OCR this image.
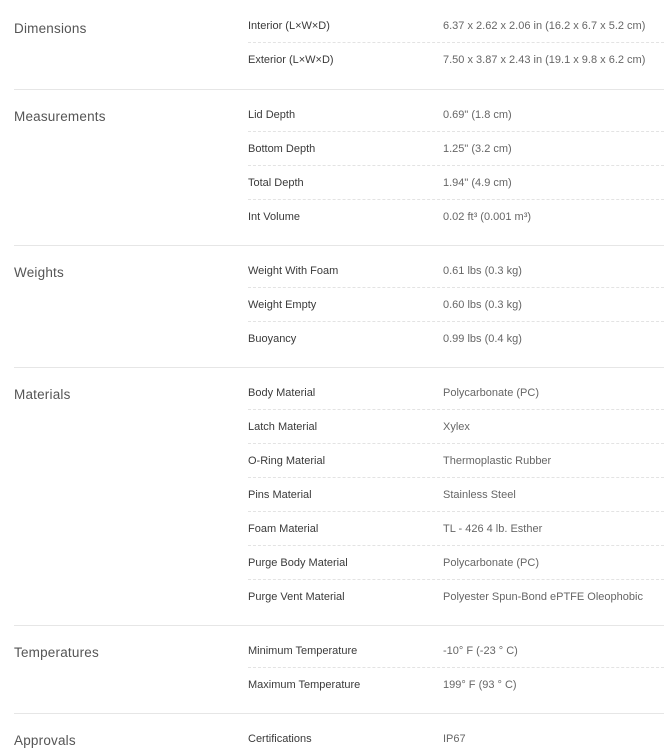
Dimensions	Interior (L×W×D)	6.37 x 2.62 x 2.06 in (16.2 x 6.7 x 5.2 cm)
Exterior (L×W×D)	7.50 x 3.87 x 2.43 in (19.1 x 9.8 x 6.2 cm)
Measurements	Lid Depth	0.69" (1.8 cm)
Bottom Depth	1.25" (3.2 cm)
Total Depth	1.94" (4.9 cm)
Int Volume	0.02 ft³ (0.001 m³)
Weights	Weight With Foam	0.61 lbs (0.3 kg)
Weight Empty	0.60 lbs (0.3 kg)
Buoyancy	0.99 lbs (0.4 kg)
Materials	Body Material	Polycarbonate (PC)
Latch Material	Xylex
O-Ring Material	Thermoplastic Rubber
Pins Material	Stainless Steel
Foam Material	TL - 426 4 lb. Esther
Purge Body Material	Polycarbonate (PC)
Purge Vent Material	Polyester Spun-Bond ePTFE Oleophobic
Temperatures	Minimum Temperature	-10° F (-23 ° C)
Maximum Temperature	199° F (93 ° C)
Approvals	Certifications	IP67
